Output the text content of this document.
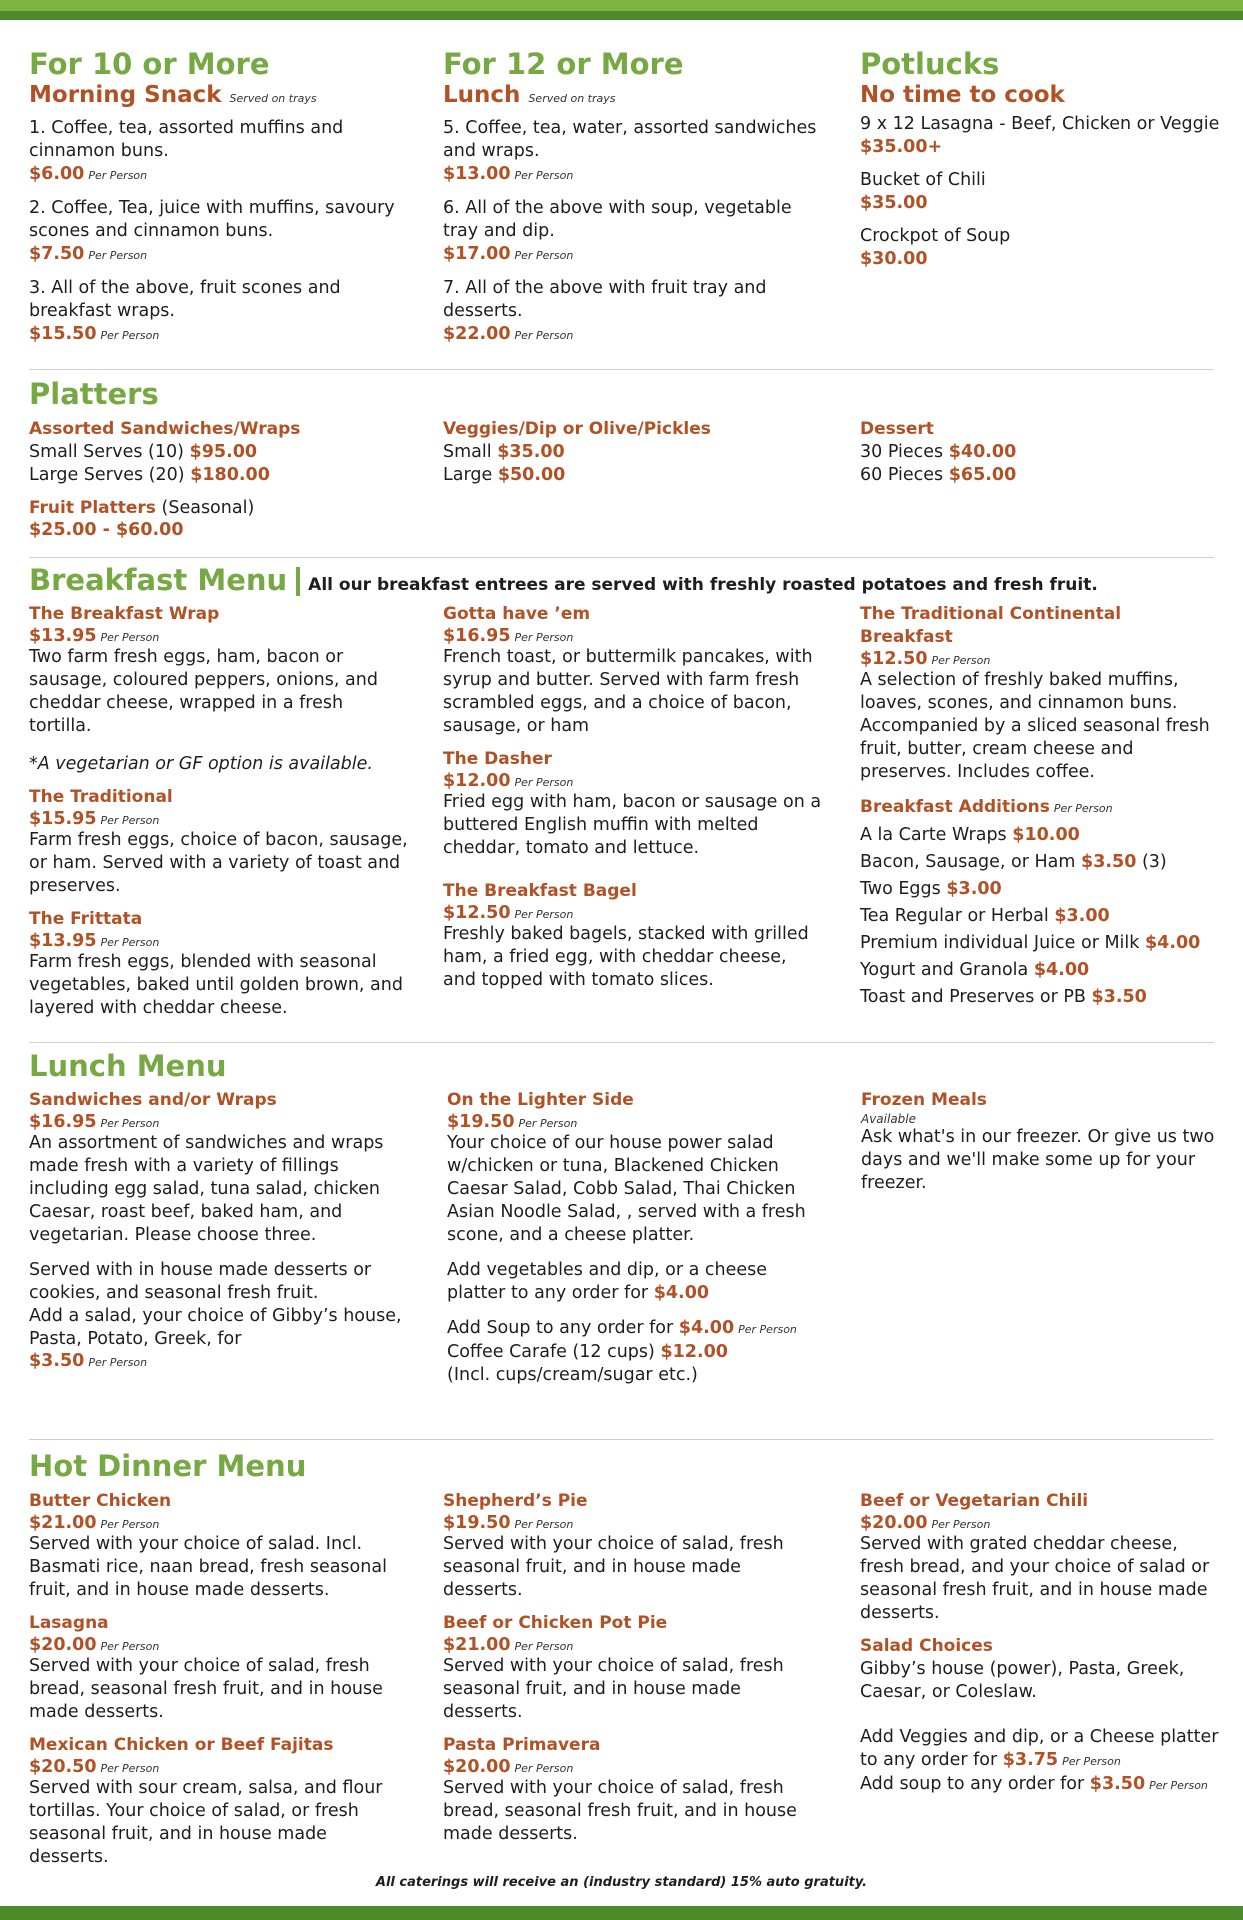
For 10 or More
Morning Snack Served on trays
1. Coffee, tea, assorted muffins and cinnamon buns.
$6.00 Per Person
2. Coffee, Tea, juice with muffins, savoury scones and cinnamon buns.
$7.50 Per Person
3. All of the above, fruit scones and breakfast wraps.
$15.50 Per Person
For 12 or More
Lunch Served on trays
5. Coffee, tea, water, assorted sandwiches and wraps.
$13.00 Per Person
6. All of the above with soup, vegetable tray and dip.
$17.00 Per Person
7. All of the above with fruit tray and desserts.
$22.00 Per Person
Potlucks
No time to cook
9 x 12 Lasagna - Beef, Chicken or Veggie
$35.00+
Bucket of Chili
$35.00
Crockpot of Soup
$30.00
Platters
Assorted Sandwiches/Wraps
Small Serves (10) $95.00
Large Serves (20) $180.00
Fruit Platters (Seasonal)
$25.00 - $60.00
Veggies/Dip or Olive/Pickles
Small $35.00
Large $50.00
Dessert
30 Pieces $40.00
60 Pieces $65.00
Breakfast Menu All our breakfast entrees are served with freshly roasted potatoes and fresh fruit.
The Breakfast Wrap
$13.95 Per Person
Two farm fresh eggs, ham, bacon or sausage, coloured peppers, onions, and cheddar cheese, wrapped in a fresh tortilla.
*A vegetarian or GF option is available.
The Traditional
$15.95 Per Person
Farm fresh eggs, choice of bacon, sausage, or ham. Served with a variety of toast and preserves.
The Frittata
$13.95 Per Person
Farm fresh eggs, blended with seasonal vegetables, baked until golden brown, and layered with cheddar cheese.
Gotta have ’em
$16.95 Per Person
French toast, or buttermilk pancakes, with syrup and butter. Served with farm fresh scrambled eggs, and a choice of bacon, sausage, or ham
The Dasher
$12.00 Per Person
Fried egg with ham, bacon or sausage on a buttered English muffin with melted cheddar, tomato and lettuce.
The Breakfast Bagel
$12.50 Per Person
Freshly baked bagels, stacked with grilled ham, a fried egg, with cheddar cheese, and topped with tomato slices.
The Traditional Continental Breakfast
$12.50 Per Person
A selection of freshly baked muffins, loaves, scones, and cinnamon buns. Accompanied by a sliced seasonal fresh fruit, butter, cream cheese and preserves. Includes coffee.
Breakfast Additions Per Person
A la Carte Wraps $10.00
Bacon, Sausage, or Ham $3.50 (3)
Two Eggs $3.00
Tea Regular or Herbal $3.00
Premium individual Juice or Milk $4.00
Yogurt and Granola $4.00
Toast and Preserves or PB $3.50
Lunch Menu
Sandwiches and/or Wraps
$16.95 Per Person
An assortment of sandwiches and wraps made fresh with a variety of fillings including egg salad, tuna salad, chicken Caesar, roast beef, baked ham, and vegetarian. Please choose three.
Served with in house made desserts or cookies, and seasonal fresh fruit.
Add a salad, your choice of Gibby’s house, Pasta, Potato, Greek, for
$3.50 Per Person
On the Lighter Side
$19.50 Per Person
Your choice of our house power salad w/chicken or tuna, Blackened Chicken Caesar Salad, Cobb Salad, Thai Chicken Asian Noodle Salad, , served with a fresh scone, and a cheese platter.
Add vegetables and dip, or a cheese platter to any order for $4.00
Add Soup to any order for $4.00 Per Person
Coffee Carafe (12 cups) $12.00
(Incl. cups/cream/sugar etc.)
Frozen Meals
Available
Ask what's in our freezer. Or give us two days and we'll make some up for your freezer.
Hot Dinner Menu
Butter Chicken
$21.00 Per Person
Served with your choice of salad. Incl. Basmati rice, naan bread, fresh seasonal fruit, and in house made desserts.
Lasagna
$20.00 Per Person
Served with your choice of salad, fresh bread, seasonal fresh fruit, and in house made desserts.
Mexican Chicken or Beef Fajitas
$20.50 Per Person
Served with sour cream, salsa, and flour tortillas. Your choice of salad, or fresh seasonal fruit, and in house made desserts.
Shepherd’s Pie
$19.50 Per Person
Served with your choice of salad, fresh seasonal fruit, and in house made desserts.
Beef or Chicken Pot Pie
$21.00 Per Person
Served with your choice of salad, fresh seasonal fruit, and in house made desserts.
Pasta Primavera
$20.00 Per Person
Served with your choice of salad, fresh bread, seasonal fresh fruit, and in house made desserts.
Beef or Vegetarian Chili
$20.00 Per Person
Served with grated cheddar cheese, fresh bread, and your choice of salad or seasonal fresh fruit, and in house made desserts.
Salad Choices
Gibby’s house (power), Pasta, Greek, Caesar, or Coleslaw.
Add Veggies and dip, or a Cheese platter to any order for $3.75 Per Person
Add soup to any order for $3.50 Per Person
All caterings will receive an (industry standard) 15% auto gratuity.
